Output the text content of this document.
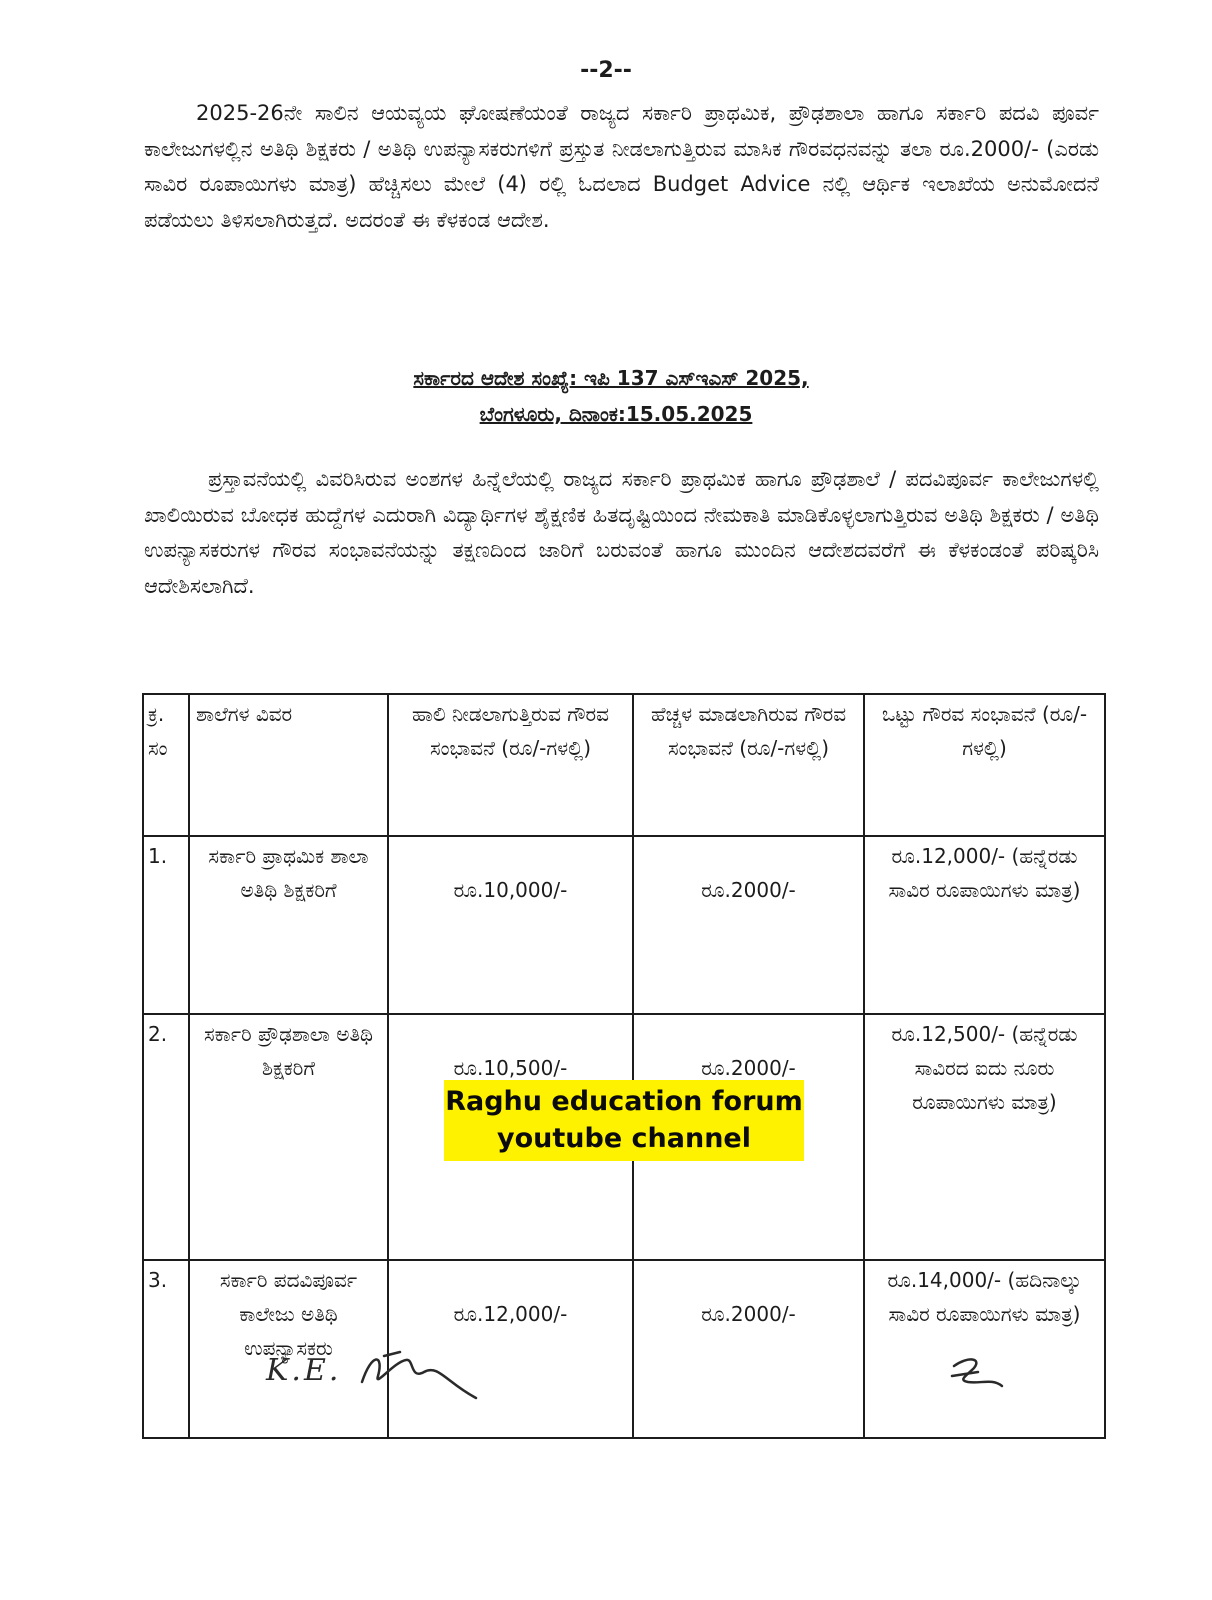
--2--

2025-26ನೇ ಸಾಲಿನ ಆಯವ್ಯಯ ಘೋಷಣೆಯಂತೆ ರಾಜ್ಯದ ಸರ್ಕಾರಿ ಪ್ರಾಥಮಿಕ, ಪ್ರೌಢಶಾಲಾ ಹಾಗೂ ಸರ್ಕಾರಿ ಪದವಿ ಪೂರ್ವ ಕಾಲೇಜುಗಳಲ್ಲಿನ ಅತಿಥಿ ಶಿಕ್ಷಕರು / ಅತಿಥಿ ಉಪನ್ಯಾಸಕರುಗಳಿಗೆ ಪ್ರಸ್ತುತ ನೀಡಲಾಗುತ್ತಿರುವ ಮಾಸಿಕ ಗೌರವಧನವನ್ನು ತಲಾ ರೂ.2000/- (ಎರಡು ಸಾವಿರ ರೂಪಾಯಿಗಳು ಮಾತ್ರ) ಹೆಚ್ಚಿಸಲು ಮೇಲೆ (4) ರಲ್ಲಿ ಓದಲಾದ Budget Advice ನಲ್ಲಿ ಆರ್ಥಿಕ ಇಲಾಖೆಯ ಅನುಮೋದನೆ ಪಡೆಯಲು ತಿಳಿಸಲಾಗಿರುತ್ತದೆ. ಅದರಂತೆ ಈ ಕೆಳಕಂಡ ಆದೇಶ.

ಸರ್ಕಾರದ ಆದೇಶ ಸಂಖ್ಯೆ: ಇಪಿ 137 ಎಸ್ಇಎಸ್ 2025,
ಬೆಂಗಳೂರು, ದಿನಾಂಕ:15.05.2025

ಪ್ರಸ್ತಾವನೆಯಲ್ಲಿ ವಿವರಿಸಿರುವ ಅಂಶಗಳ ಹಿನ್ನೆಲೆಯಲ್ಲಿ ರಾಜ್ಯದ ಸರ್ಕಾರಿ ಪ್ರಾಥಮಿಕ ಹಾಗೂ ಪ್ರೌಢಶಾಲೆ / ಪದವಿಪೂರ್ವ ಕಾಲೇಜುಗಳಲ್ಲಿ ಖಾಲಿಯಿರುವ ಬೋಧಕ ಹುದ್ದೆಗಳ ಎದುರಾಗಿ ವಿದ್ಯಾರ್ಥಿಗಳ ಶೈಕ್ಷಣಿಕ ಹಿತದೃಷ್ಟಿಯಿಂದ ನೇಮಕಾತಿ ಮಾಡಿಕೊಳ್ಳಲಾಗುತ್ತಿರುವ ಅತಿಥಿ ಶಿಕ್ಷಕರು / ಅತಿಥಿ ಉಪನ್ಯಾಸಕರುಗಳ ಗೌರವ ಸಂಭಾವನೆಯನ್ನು ತಕ್ಷಣದಿಂದ ಜಾರಿಗೆ ಬರುವಂತೆ ಹಾಗೂ ಮುಂದಿನ ಆದೇಶದವರೆಗೆ ಈ ಕೆಳಕಂಡಂತೆ ಪರಿಷ್ಕರಿಸಿ ಆದೇಶಿಸಲಾಗಿದೆ.

ಕ್ರ. ಸಂ	ಶಾಲೆಗಳ ವಿವರ	ಹಾಲಿ ನೀಡಲಾಗುತ್ತಿರುವ ಗೌರವ ಸಂಭಾವನೆ (ರೂ/-ಗಳಲ್ಲಿ)	ಹೆಚ್ಚಳ ಮಾಡಲಾಗಿರುವ ಗೌರವ ಸಂಭಾವನೆ (ರೂ/-ಗಳಲ್ಲಿ)	ಒಟ್ಟು ಗೌರವ ಸಂಭಾವನೆ (ರೂ/-ಗಳಲ್ಲಿ)
1.	ಸರ್ಕಾರಿ ಪ್ರಾಥಮಿಕ ಶಾಲಾ ಅತಿಥಿ ಶಿಕ್ಷಕರಿಗೆ	ರೂ.10,000/-	ರೂ.2000/-	ರೂ.12,000/- (ಹನ್ನೆರಡು ಸಾವಿರ ರೂಪಾಯಿಗಳು ಮಾತ್ರ)
2.	ಸರ್ಕಾರಿ ಪ್ರೌಢಶಾಲಾ ಅತಿಥಿ ಶಿಕ್ಷಕರಿಗೆ	ರೂ.10,500/-	ರೂ.2000/-	ರೂ.12,500/- (ಹನ್ನೆರಡು ಸಾವಿರದ ಐದು ನೂರು ರೂಪಾಯಿಗಳು ಮಾತ್ರ)
3.	ಸರ್ಕಾರಿ ಪದವಿಪೂರ್ವ ಕಾಲೇಜು ಅತಿಥಿ ಉಪನ್ಯಾಸಕರು	ರೂ.12,000/-	ರೂ.2000/-	ರೂ.14,000/- (ಹದಿನಾಲ್ಕು ಸಾವಿರ ರೂಪಾಯಿಗಳು ಮಾತ್ರ)
Raghu education forum
youtube channel
K.E.
